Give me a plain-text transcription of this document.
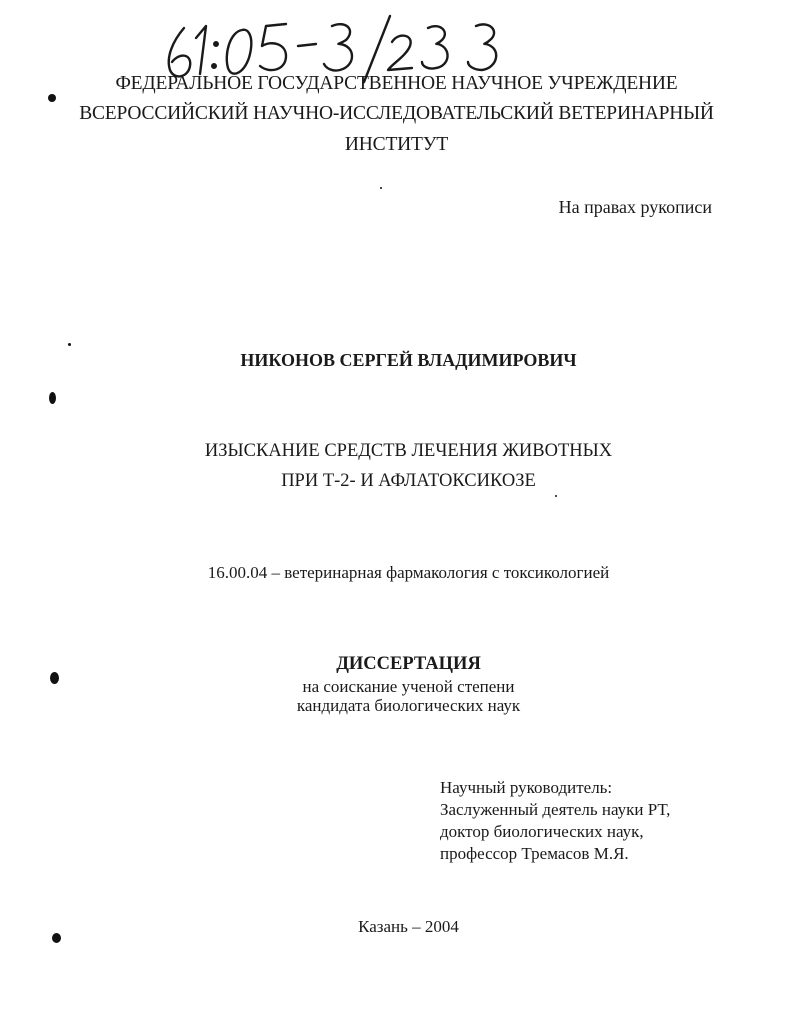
ФЕДЕРАЛЬНОЕ ГОСУДАРСТВЕННОЕ НАУЧНОЕ УЧРЕЖДЕНИЕ
ВСЕРОССИЙСКИЙ НАУЧНО-ИССЛЕДОВАТЕЛЬСКИЙ ВЕТЕРИНАРНЫЙ
ИНСТИТУТ
На правах рукописи
НИКОНОВ СЕРГЕЙ ВЛАДИМИРОВИЧ
ИЗЫСКАНИЕ СРЕДСТВ ЛЕЧЕНИЯ ЖИВОТНЫХ
ПРИ Т-2- И АФЛАТОКСИКОЗЕ
16.00.04 – ветеринарная фармакология с токсикологией
ДИССЕРТАЦИЯ
на соискание ученой степени
кандидата биологических наук
Научный руководитель:
Заслуженный деятель науки РТ,
доктор биологических наук,
профессор Тремасов М.Я.
Казань – 2004
